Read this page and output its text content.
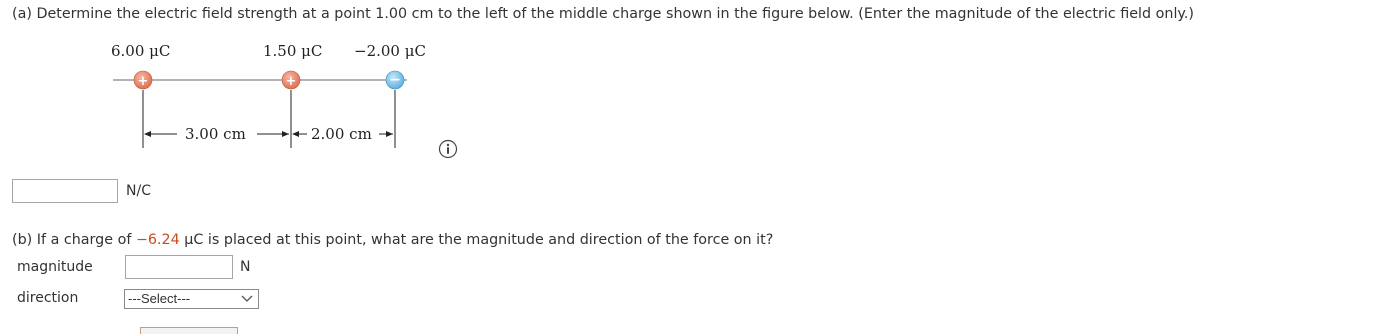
(a) Determine the electric field strength at a point 1.00 cm to the left of the middle charge shown in the figure below. (Enter the magnitude of the electric field only.)
6.00 μC	1.50 μC −2.00 μC
+	+	−
3.00 cm	2.00 cm
N/C
(b) If a charge of −6.24 μC is placed at this point, what are the magnitude and direction of the force on it?
magnitude	N
direction	---Select---
